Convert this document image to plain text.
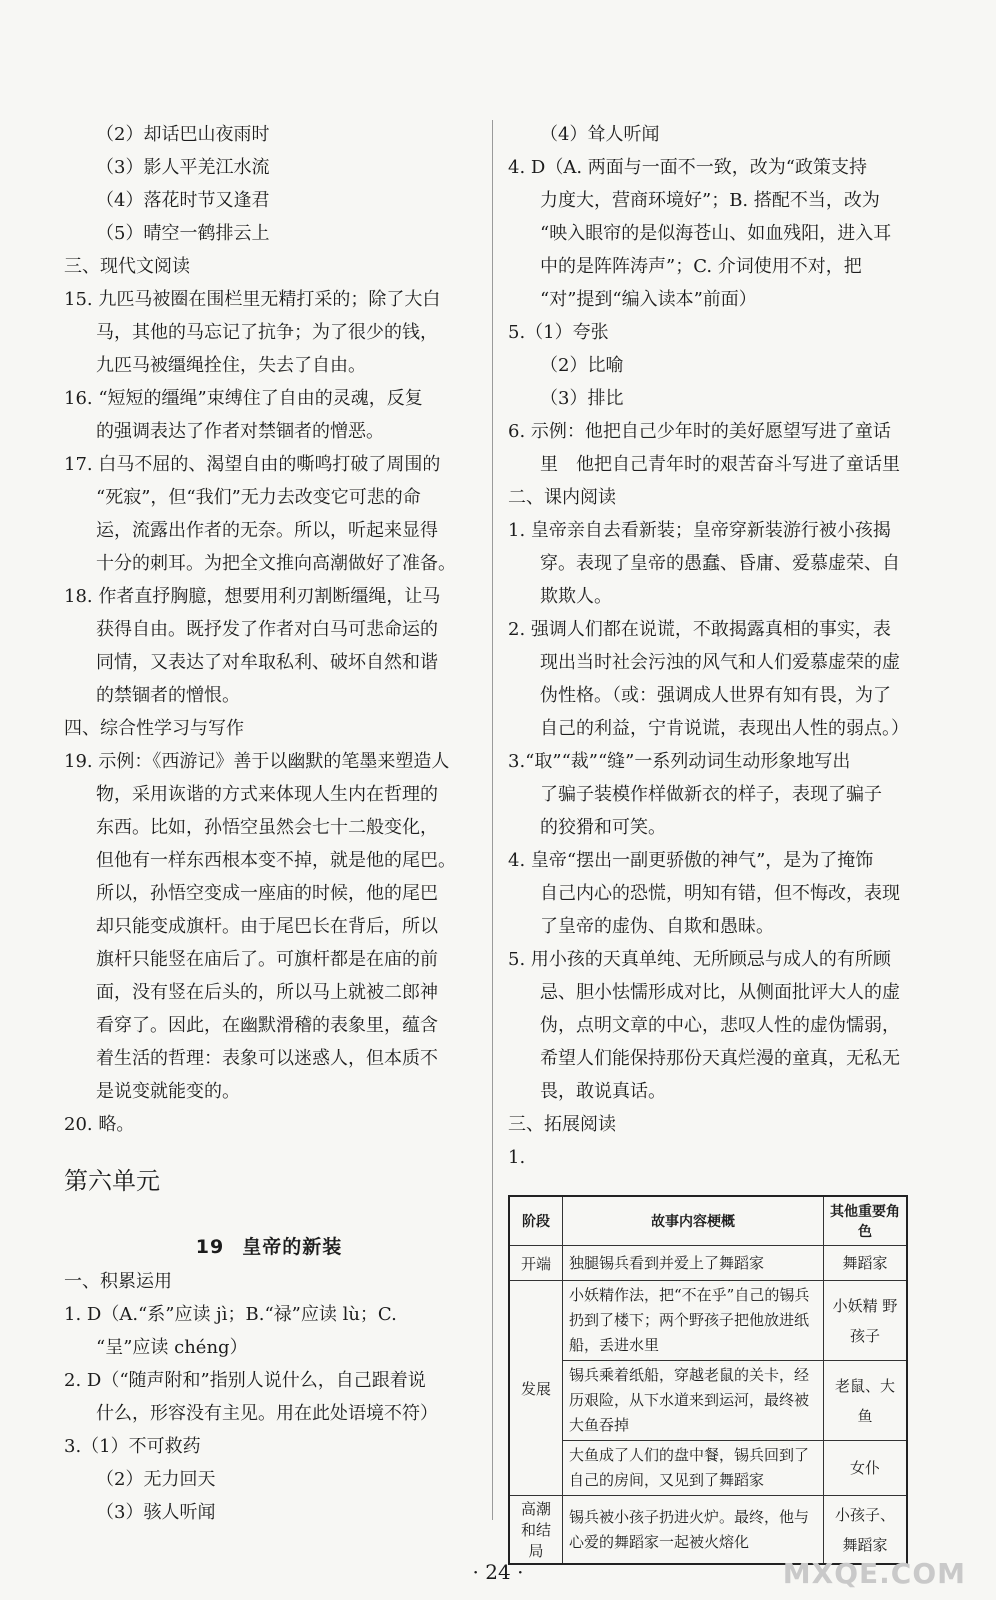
（2）却话巴山夜雨时
（3）影人平羌江水流
（4）落花时节又逢君
（5）晴空一鹤排云上
三、现代文阅读
15. 九匹马被圈在围栏里无精打采的；除了大白
马，其他的马忘记了抗争；为了很少的钱，
九匹马被缰绳拴住，失去了自由。
16. “短短的缰绳”束缚住了自由的灵魂，反复
的强调表达了作者对禁锢者的憎恶。
17. 白马不屈的、渴望自由的嘶鸣打破了周围的
“死寂”，但“我们”无力去改变它可悲的命
运，流露出作者的无奈。所以，听起来显得
十分的刺耳。为把全文推向高潮做好了准备。
18. 作者直抒胸臆，想要用利刃割断缰绳，让马
获得自由。既抒发了作者对白马可悲命运的
同情，又表达了对牟取私利、破坏自然和谐
的禁锢者的憎恨。
四、综合性学习与写作
19. 示例：《西游记》善于以幽默的笔墨来塑造人
物，采用诙谐的方式来体现人生内在哲理的
东西。比如，孙悟空虽然会七十二般变化，
但他有一样东西根本变不掉，就是他的尾巴。
所以，孙悟空变成一座庙的时候，他的尾巴
却只能变成旗杆。由于尾巴长在背后，所以
旗杆只能竖在庙后了。可旗杆都是在庙的前
面，没有竖在后头的，所以马上就被二郎神
看穿了。因此，在幽默滑稽的表象里，蕴含
着生活的哲理：表象可以迷惑人，但本质不
是说变就能变的。
20. 略。
第六单元
19 皇帝的新装
一、积累运用
1. D（A.“系”应读 jì；B.“禄”应读 lù；C.
“呈”应读 chéng）
2. D（“随声附和”指别人说什么，自己跟着说
什么，形容没有主见。用在此处语境不符）
3.（1）不可救药
（2）无力回天
（3）骇人听闻
（4）耸人听闻
4. D（A. 两面与一面不一致，改为“政策支持
力度大，营商环境好”；B. 搭配不当，改为
“映入眼帘的是似海苍山、如血残阳，进入耳
中的是阵阵涛声”；C. 介词使用不对，把
“对”提到“编入读本”前面）
5.（1）夸张
（2）比喻
（3）排比
6. 示例：他把自己少年时的美好愿望写进了童话
里　他把自己青年时的艰苦奋斗写进了童话里
二、课内阅读
1. 皇帝亲自去看新装；皇帝穿新装游行被小孩揭
穿。表现了皇帝的愚蠢、昏庸、爱慕虚荣、自
欺欺人。
2. 强调人们都在说谎，不敢揭露真相的事实，表
现出当时社会污浊的风气和人们爱慕虚荣的虚
伪性格。（或：强调成人世界有知有畏，为了
自己的利益，宁肯说谎，表现出人性的弱点。）
3.“取”“裁”“缝”一系列动词生动形象地写出
了骗子装模作样做新衣的样子，表现了骗子
的狡猾和可笑。
4. 皇帝“摆出一副更骄傲的神气”，是为了掩饰
自己内心的恐慌，明知有错，但不悔改，表现
了皇帝的虚伪、自欺和愚昧。
5. 用小孩的天真单纯、无所顾忌与成人的有所顾
忌、胆小怯懦形成对比，从侧面批评大人的虚
伪，点明文章的中心，悲叹人性的虚伪懦弱，
希望人们能保持那份天真烂漫的童真，无私无
畏，敢说真话。
三、拓展阅读
1.
阶段	故事内容梗概	其他重要角色
开端	独腿锡兵看到并爱上了舞蹈家	舞蹈家
发展	小妖精作法，把“不在乎”自己的锡兵扔到了楼下；两个野孩子把他放进纸船，丢进水里	小妖精 野孩子
	锡兵乘着纸船，穿越老鼠的关卡，经历艰险，从下水道来到运河，最终被大鱼吞掉	老鼠、大鱼
	大鱼成了人们的盘中餐，锡兵回到了自己的房间，又见到了舞蹈家	女仆
高潮和结局	锡兵被小孩子扔进火炉。最终，他与心爱的舞蹈家一起被火熔化	小孩子、舞蹈家
· 24 ·	MXQE.COM
